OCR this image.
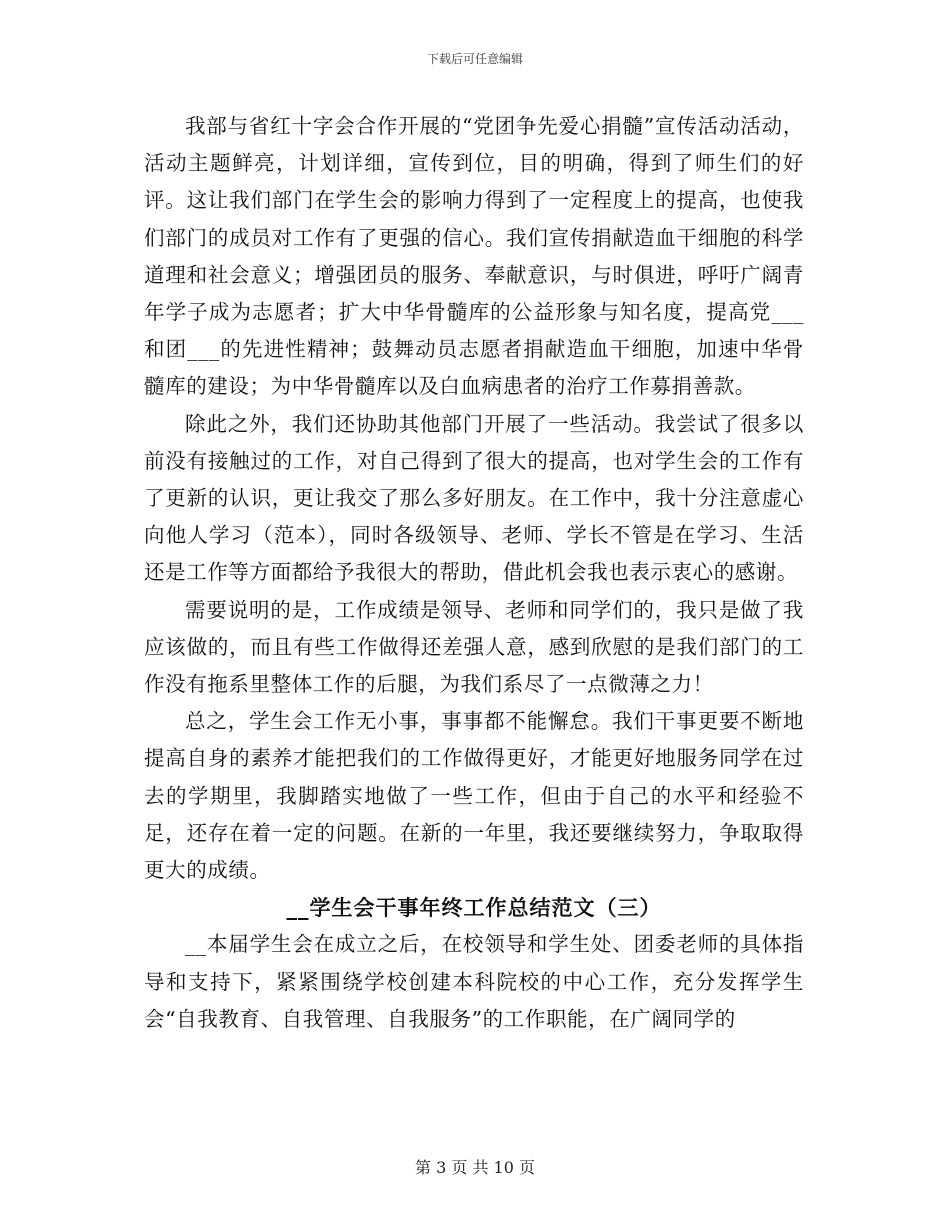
下载后可任意编辑

我部与省红十字会合作开展的“党团争先爱心捐髓”宣传活动活动，活动主题鲜亮，计划详细，宣传到位，目的明确，得到了师生们的好评。这让我们部门在学生会的影响力得到了一定程度上的提高，也使我们部门的成员对工作有了更强的信心。我们宣传捐献造血干细胞的科学道理和社会意义；增强团员的服务、奉献意识，与时俱进，呼吁广阔青年学子成为志愿者；扩大中华骨髓库的公益形象与知名度，提高党___和团___的先进性精神；鼓舞动员志愿者捐献造血干细胞，加速中华骨髓库的建设；为中华骨髓库以及白血病患者的治疗工作募捐善款。

除此之外，我们还协助其他部门开展了一些活动。我尝试了很多以前没有接触过的工作，对自己得到了很大的提高，也对学生会的工作有了更新的认识，更让我交了那么多好朋友。在工作中，我十分注意虚心向他人学习（范本），同时各级领导、老师、学长不管是在学习、生活还是工作等方面都给予我很大的帮助，借此机会我也表示衷心的感谢。

需要说明的是，工作成绩是领导、老师和同学们的，我只是做了我应该做的，而且有些工作做得还差强人意，感到欣慰的是我们部门的工作没有拖系里整体工作的后腿，为我们系尽了一点微薄之力！

总之，学生会工作无小事，事事都不能懈怠。我们干事更要不断地提高自身的素养才能把我们的工作做得更好，才能更好地服务同学在过去的学期里，我脚踏实地做了一些工作，但由于自己的水平和经验不足，还存在着一定的问题。在新的一年里，我还要继续努力，争取取得更大的成绩。

__学生会干事年终工作总结范文（三）

__本届学生会在成立之后，在校领导和学生处、团委老师的具体指导和支持下，紧紧围绕学校创建本科院校的中心工作，充分发挥学生会“自我教育、自我管理、自我服务”的工作职能，在广阔同学的

第 3 页 共 10 页
